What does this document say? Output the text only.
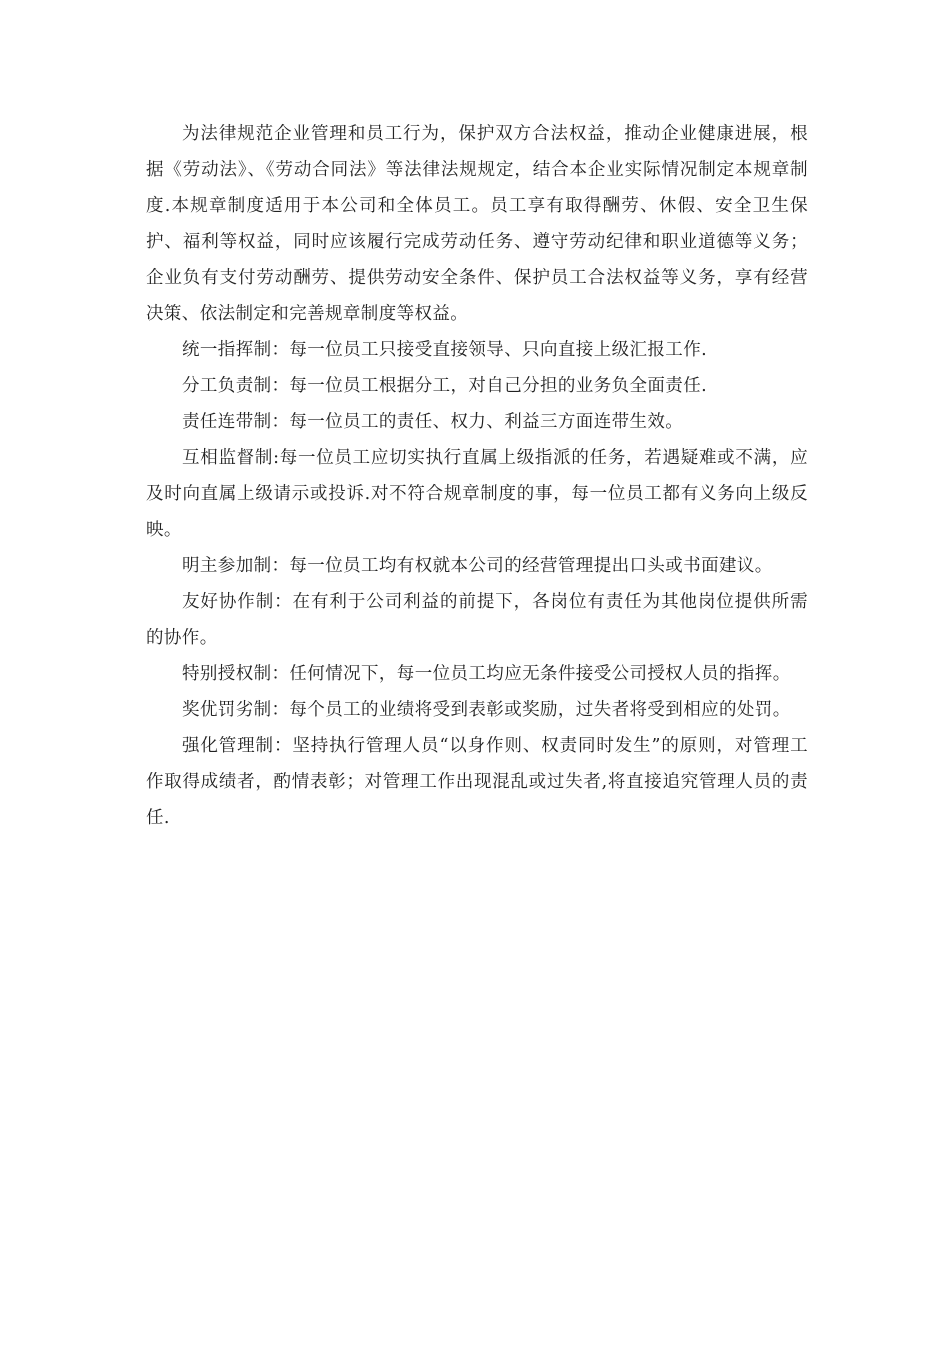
为法律规范企业管理和员工行为，保护双方合法权益，推动企业健康进展，根据《劳动法》、《劳动合同法》等法律法规规定，结合本企业实际情况制定本规章制度.本规章制度适用于本公司和全体员工。员工享有取得酬劳、休假、安全卫生保护、福利等权益，同时应该履行完成劳动任务、遵守劳动纪律和职业道德等义务；企业负有支付劳动酬劳、提供劳动安全条件、保护员工合法权益等义务，享有经营决策、依法制定和完善规章制度等权益。

统一指挥制：每一位员工只接受直接领导、只向直接上级汇报工作.

分工负责制：每一位员工根据分工，对自己分担的业务负全面责任.

责任连带制：每一位员工的责任、权力、利益三方面连带生效。

互相监督制:每一位员工应切实执行直属上级指派的任务，若遇疑难或不满，应及时向直属上级请示或投诉.对不符合规章制度的事，每一位员工都有义务向上级反映。

明主参加制：每一位员工均有权就本公司的经营管理提出口头或书面建议。

友好协作制：在有利于公司利益的前提下，各岗位有责任为其他岗位提供所需的协作。

特别授权制：任何情况下，每一位员工均应无条件接受公司授权人员的指挥。

奖优罚劣制：每个员工的业绩将受到表彰或奖励，过失者将受到相应的处罚。

强化管理制：坚持执行管理人员“以身作则、权责同时发生”的原则，对管理工作取得成绩者，酌情表彰；对管理工作出现混乱或过失者,将直接追究管理人员的责任.
